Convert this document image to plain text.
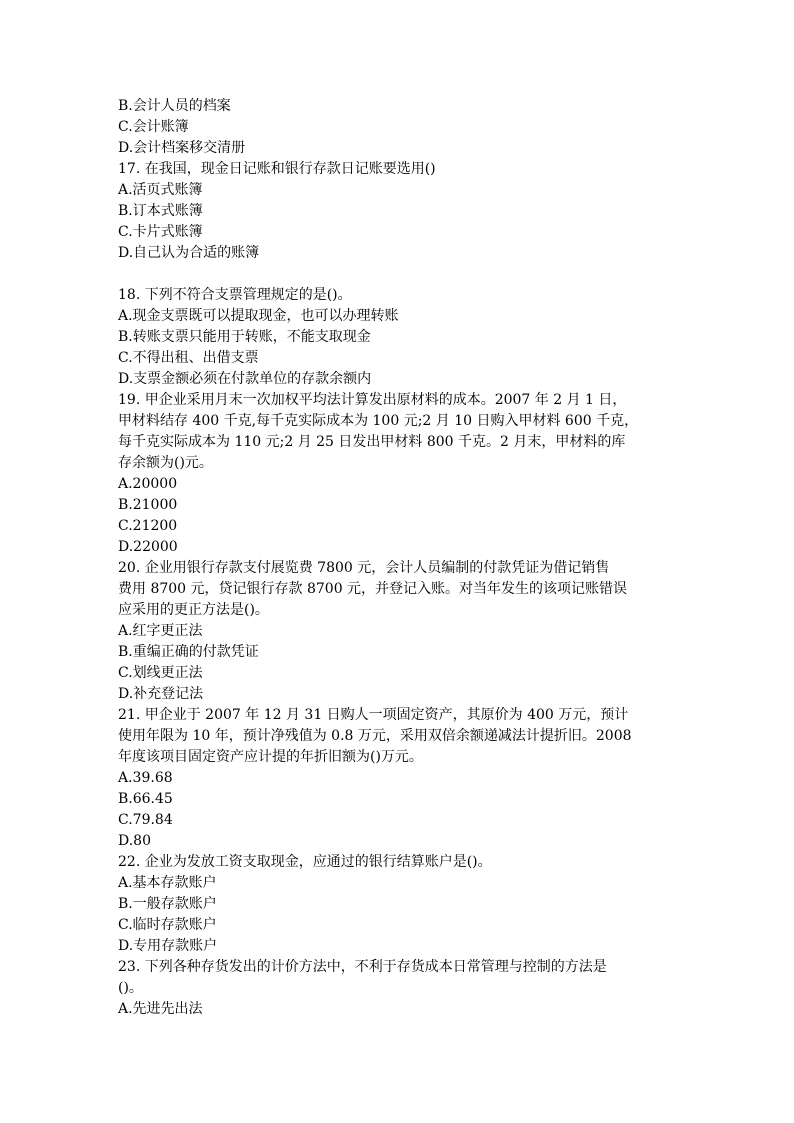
B.会计人员的档案
C.会计账簿
D.会计档案移交清册
17. 在我国，现金日记账和银行存款日记账要选用()
A.活页式账簿
B.订本式账簿
C.卡片式账簿
D.自己认为合适的账簿
18. 下列不符合支票管理规定的是()。
A.现金支票既可以提取现金，也可以办理转账
B.转账支票只能用于转账，不能支取现金
C.不得出租、出借支票
D.支票金额必须在付款单位的存款余额内
19. 甲企业采用月末一次加权平均法计算发出原材料的成本。2007 年 2 月 1 日，
甲材料结存 400 千克,每千克实际成本为 100 元;2 月 10 日购入甲材料 600 千克，
每千克实际成本为 110 元;2 月 25 日发出甲材料 800 千克。2 月末，甲材料的库
存余额为()元。
A.20000
B.21000
C.21200
D.22000
20. 企业用银行存款支付展览费 7800 元，会计人员编制的付款凭证为借记销售
费用 8700 元，贷记银行存款 8700 元，并登记入账。对当年发生的该项记账错误
应采用的更正方法是()。
A.红字更正法
B.重编正确的付款凭证
C.划线更正法
D.补充登记法
21. 甲企业于 2007 年 12 月 31 日购人一项固定资产，其原价为 400 万元，预计
使用年限为 10 年，预计净残值为 0.8 万元，采用双倍余额递减法计提折旧。2008
年度该项目固定资产应计提的年折旧额为()万元。
A.39.68
B.66.45
C.79.84
D.80
22. 企业为发放工资支取现金，应通过的银行结算账户是()。
A.基本存款账户
B.一般存款账户
C.临时存款账户
D.专用存款账户
23. 下列各种存货发出的计价方法中，不利于存货成本日常管理与控制的方法是
()。
A.先进先出法
